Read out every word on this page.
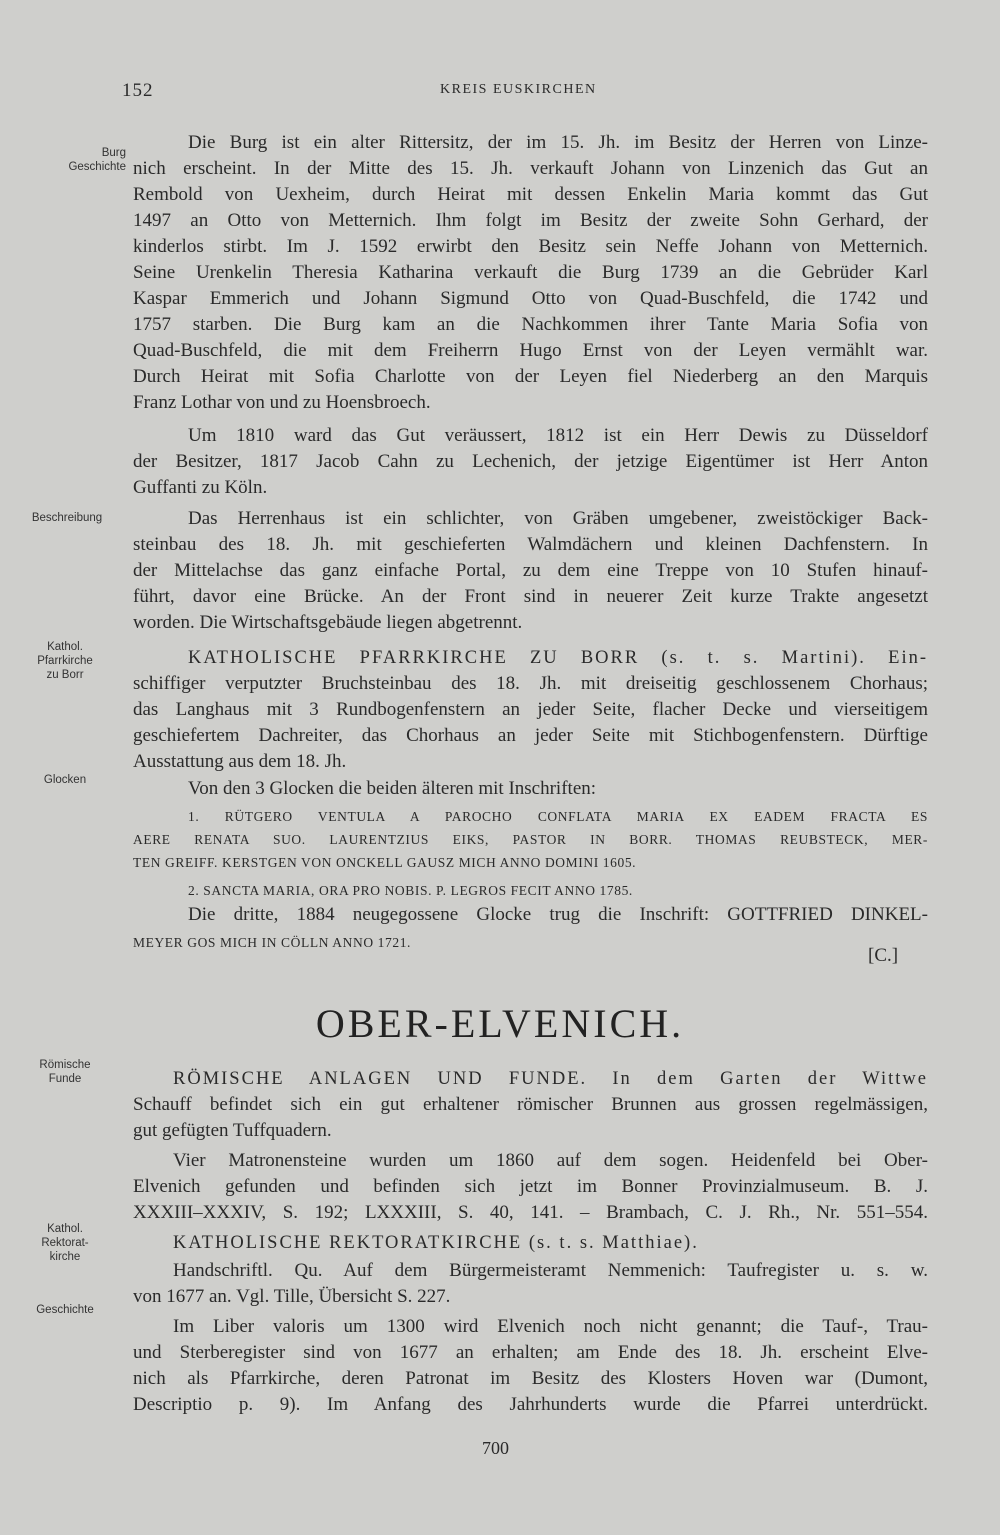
152	KREIS EUSKIRCHEN
Burg
Geschichte
Beschreibung
Kathol.
Pfarrkirche
zu Borr
Glocken
Römische
Funde
Kathol.
Rektorat-
kirche
Geschichte
Die Burg ist ein alter Rittersitz, der im 15. Jh. im Besitz der Herren von Linze-
nich erscheint. In der Mitte des 15. Jh. verkauft Johann von Linzenich das Gut an
Rembold von Uexheim, durch Heirat mit dessen Enkelin Maria kommt das Gut
1497 an Otto von Metternich. Ihm folgt im Besitz der zweite Sohn Gerhard, der
kinderlos stirbt. Im J. 1592 erwirbt den Besitz sein Neffe Johann von Metternich.
Seine Urenkelin Theresia Katharina verkauft die Burg 1739 an die Gebrüder Karl
Kaspar Emmerich und Johann Sigmund Otto von Quad-Buschfeld, die 1742 und
1757 starben. Die Burg kam an die Nachkommen ihrer Tante Maria Sofia von
Quad-Buschfeld, die mit dem Freiherrn Hugo Ernst von der Leyen vermählt war.
Durch Heirat mit Sofia Charlotte von der Leyen fiel Niederberg an den Marquis
Franz Lothar von und zu Hoensbroech.
Um 1810 ward das Gut veräussert, 1812 ist ein Herr Dewis zu Düsseldorf
der Besitzer, 1817 Jacob Cahn zu Lechenich, der jetzige Eigentümer ist Herr Anton
Guffanti zu Köln.
Das Herrenhaus ist ein schlichter, von Gräben umgebener, zweistöckiger Back-
steinbau des 18. Jh. mit geschieferten Walmdächern und kleinen Dachfenstern. In
der Mittelachse das ganz einfache Portal, zu dem eine Treppe von 10 Stufen hinauf-
führt, davor eine Brücke. An der Front sind in neuerer Zeit kurze Trakte angesetzt
worden. Die Wirtschaftsgebäude liegen abgetrennt.
KATHOLISCHE PFARRKIRCHE ZU BORR (s. t. s. Martini). Ein-
schiffiger verputzter Bruchsteinbau des 18. Jh. mit dreiseitig geschlossenem Chorhaus;
das Langhaus mit 3 Rundbogenfenstern an jeder Seite, flacher Decke und vierseitigem
geschiefertem Dachreiter, das Chorhaus an jeder Seite mit Stichbogenfenstern. Dürftige
Ausstattung aus dem 18. Jh.
Von den 3 Glocken die beiden älteren mit Inschriften:
1. RÜTGERO VENTULA A PAROCHO CONFLATA MARIA EX EADEM FRACTA ES
AERE RENATA SUO. LAURENTZIUS EIKS, PASTOR IN BORR. THOMAS REUBSTECK, MER-
TEN GREIFF. KERSTGEN VON ONCKELL GAUSZ MICH ANNO DOMINI 1605.
2. SANCTA MARIA, ORA PRO NOBIS. P. LEGROS FECIT ANNO 1785.
Die dritte, 1884 neugegossene Glocke trug die Inschrift: GOTTFRIED DINKEL-
MEYER GOS MICH IN CÖLLN ANNO 1721.
[C.]
OBER-ELVENICH.
RÖMISCHE ANLAGEN UND FUNDE. In dem Garten der Wittwe
Schauff befindet sich ein gut erhaltener römischer Brunnen aus grossen regelmässigen,
gut gefügten Tuffquadern.
Vier Matronensteine wurden um 1860 auf dem sogen. Heidenfeld bei Ober-
Elvenich gefunden und befinden sich jetzt im Bonner Provinzialmuseum. B. J.
XXXIII–XXXIV, S. 192; LXXXIII, S. 40, 141. – Brambach, C. J. Rh., Nr. 551–554.
KATHOLISCHE REKTORATKIRCHE (s. t. s. Matthiae).
Handschriftl. Qu. Auf dem Bürgermeisteramt Nemmenich: Taufregister u. s. w.
von 1677 an. Vgl. Tille, Übersicht S. 227.
Im Liber valoris um 1300 wird Elvenich noch nicht genannt; die Tauf-, Trau-
und Sterberegister sind von 1677 an erhalten; am Ende des 18. Jh. erscheint Elve-
nich als Pfarrkirche, deren Patronat im Besitz des Klosters Hoven war (Dumont,
Descriptio p. 9). Im Anfang des Jahrhunderts wurde die Pfarrei unterdrückt.
700
